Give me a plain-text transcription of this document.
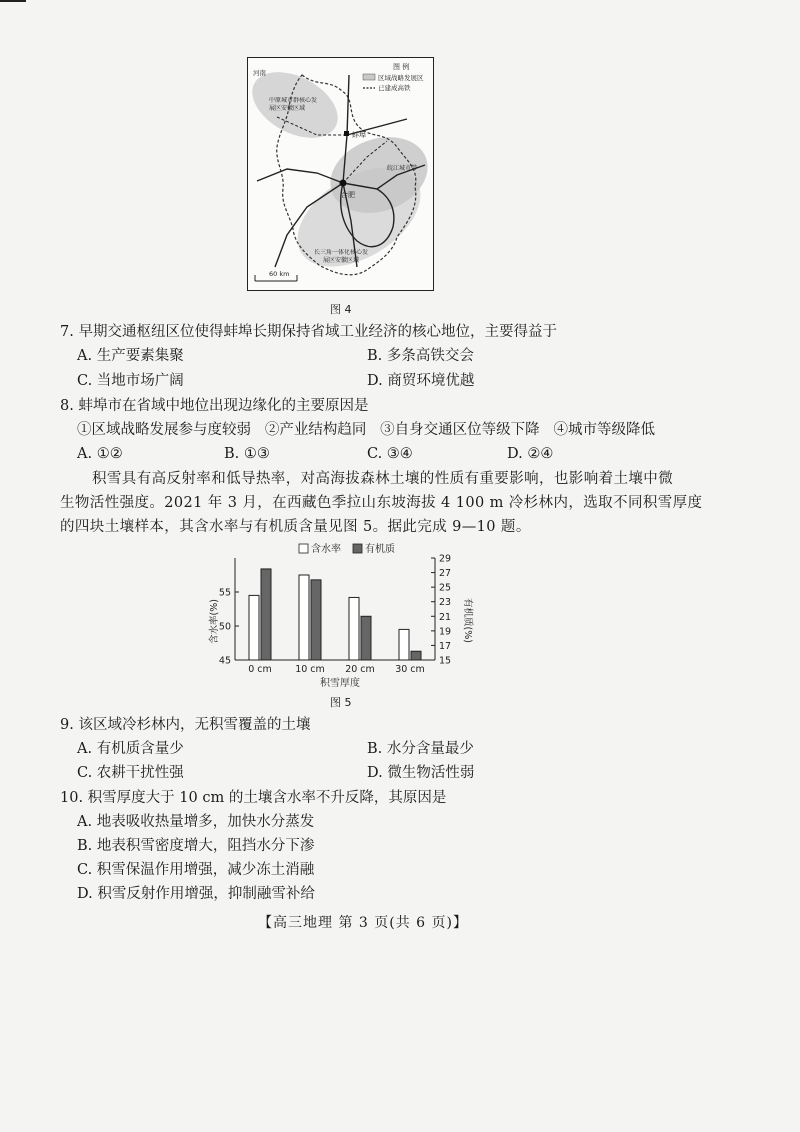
图 例
区域战略发展区
已建成高铁
河南
中原城市群核心发展区安徽区域
蚌埠
合肥
皖江城市带
长三角一体化核心发展区安徽区域
60 km
图 4
7. 早期交通枢纽区位使得蚌埠长期保持省域工业经济的核心地位，主要得益于
A. 生产要素集聚	B. 多条高铁交会
C. 当地市场广阔	D. 商贸环境优越
8. 蚌埠市在省域中地位出现边缘化的主要原因是
①区域战略发展参与度较弱   ②产业结构趋同   ③自身交通区位等级下降   ④城市等级降低
A. ①②	B. ①③	C. ③④	D. ②④
积雪具有高反射率和低导热率，对高海拔森林土壤的性质有重要影响，也影响着土壤中微
生物活性强度。2021 年 3 月，在西藏色季拉山东坡海拔 4 100 m 冷杉林内，选取不同积雪厚度
的四块土壤样本，其含水率与有机质含量见图 5。据此完成 9—10 题。
含水率 有机质
含水率(%)	有机质(%)
积雪厚度
45
50
55
15
17
19
21
23
25
27
29
0 cm 10 cm 20 cm 30 cm
图 5
9. 该区域冷杉林内，无积雪覆盖的土壤
A. 有机质含量少	B. 水分含量最少
C. 农耕干扰性强	D. 微生物活性弱
10. 积雪厚度大于 10 cm 的土壤含水率不升反降，其原因是
A. 地表吸收热量增多，加快水分蒸发
B. 地表积雪密度增大，阻挡水分下渗
C. 积雪保温作用增强，减少冻土消融
D. 积雪反射作用增强，抑制融雪补给
【高三地理 第 3 页(共 6 页)】
